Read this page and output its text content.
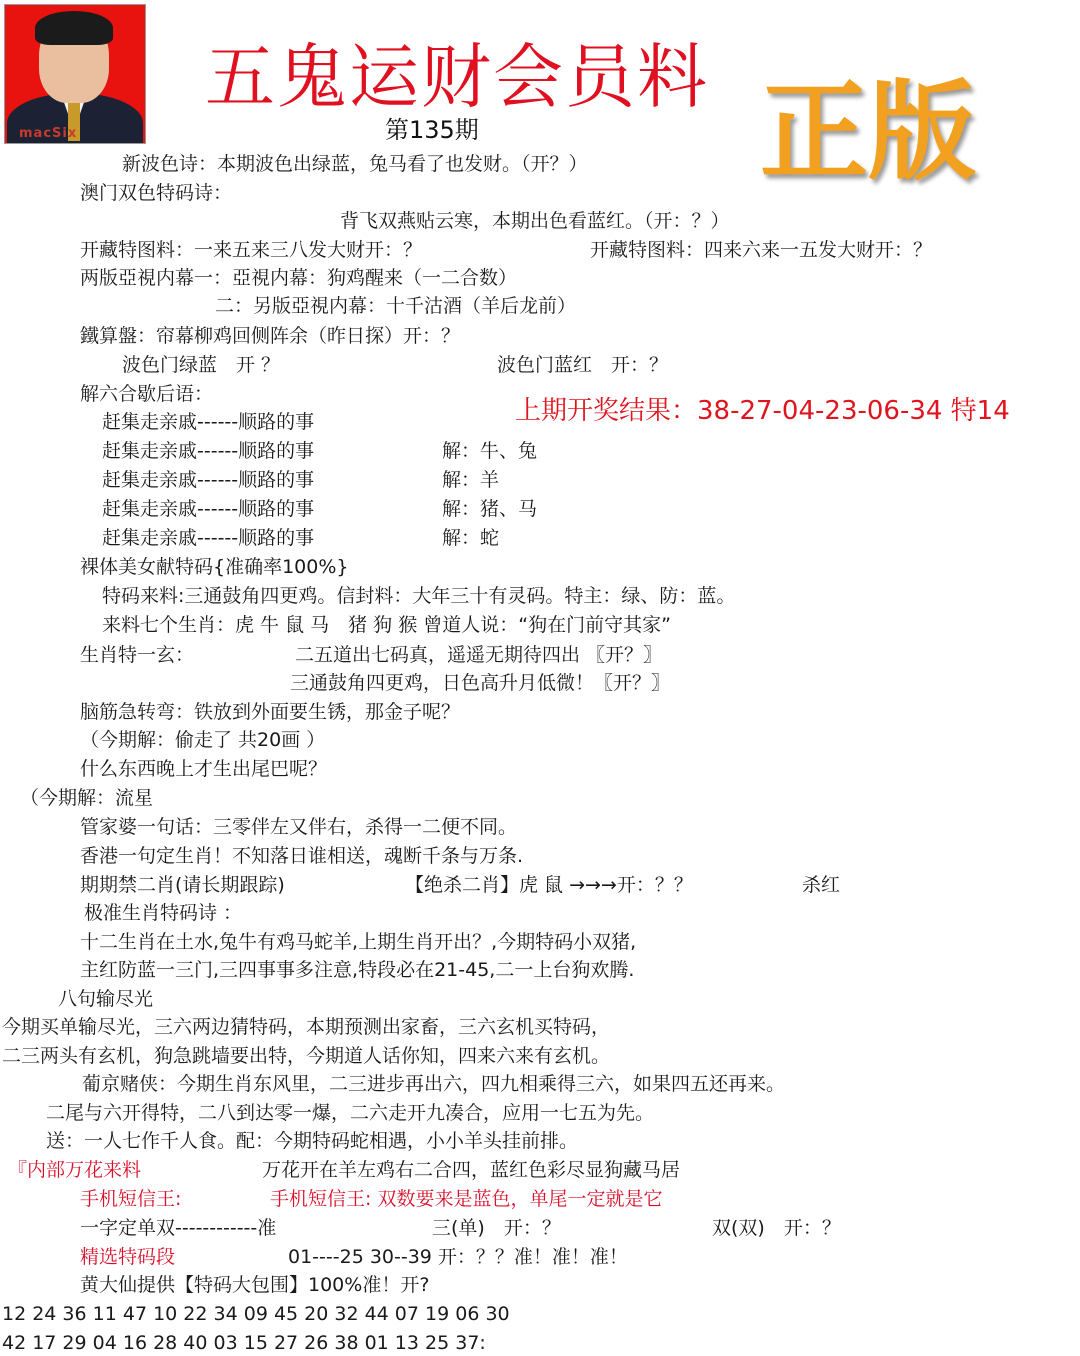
macSix
五鬼运财会员料
第135期	正版
新波色诗：本期波色出绿蓝，兔马看了也发财。（开？）
澳门双色特码诗：
背飞双燕贴云寒，本期出色看蓝红。（开：？）
开藏特图料：一来五来三八发大财开：？	开藏特图料：四来六来一五发大财开：？
两版亞視内幕一：亞視内幕：狗鸡醒来（一二合数）
二：另版亞視内幕：十千沽酒（羊后龙前）
鐵算盤：帘幕柳鸡回侧阵余（昨日探）开：？
波色门绿蓝　开 ？	波色门蓝红　开：？
解六合歇后语：
上期开奖结果：38-27-04-23-06-34 特14
赶集走亲戚------顺路的事
赶集走亲戚------顺路的事	解：牛、兔
赶集走亲戚------顺路的事	解：羊
赶集走亲戚------顺路的事	解：猪、马
赶集走亲戚------顺路的事	解：蛇
裸体美女献特码{准确率100%}
特码来料:三通鼓角四更鸡。信封料：大年三十有灵码。特主：绿、防：蓝。
来料七个生肖：虎 牛 鼠 马　猪 狗 猴 曾道人说：“狗在门前守其家”
生肖特一玄：	二五道出七码真，遥遥无期待四出 〖开？〗
三通鼓角四更鸡，日色高升月低微！〖开？〗
脑筋急转弯：铁放到外面要生锈，那金子呢？
（今期解：偷走了 共20画 ）
什么东西晚上才生出尾巴呢？
（今期解：流星
管家婆一句话：三零伴左又伴右，杀得一二便不同。
香港一句定生肖！不知落日谁相送，魂断千条与万条.
期期禁二肖(请长期跟踪)	【绝杀二肖】虎 鼠 →→→开：？？	杀红
极准生肖特码诗 ：
十二生肖在土水,兔牛有鸡马蛇羊,上期生肖开出？,今期特码小双猪,
主红防蓝一三门,三四事事多注意,特段必在21-45,二一上台狗欢腾.
八句输尽光
今期买单输尽光，三六两边猜特码，本期预测出家畜，三六玄机买特码，
二三两头有玄机，狗急跳墙要出特，今期道人话你知，四来六来有玄机。
葡京赌侠：今期生肖东风里，二三进步再出六，四九相乘得三六，如果四五还再来。
二尾与六开得特，二八到达零一爆，二六走开九凑合，应用一七五为先。
送：一人七作千人食。配：今期特码蛇相遇，小小羊头挂前排。
『内部万花来料	万花开在羊左鸡右二合四，蓝红色彩尽显狗藏马居
手机短信王:	手机短信王: 双数要来是蓝色，单尾一定就是它
一字定单双------------准	三(单)　开：？	双(双)　开：？
精选特码段	01----25 30--39 开：？？准！准！准！
黄大仙提供【特码大包围】100%准！开?
12 24 36 11 47 10 22 34 09 45 20 32 44 07 19 06 30
42 17 29 04 16 28 40 03 15 27 26 38 01 13 25 37:
